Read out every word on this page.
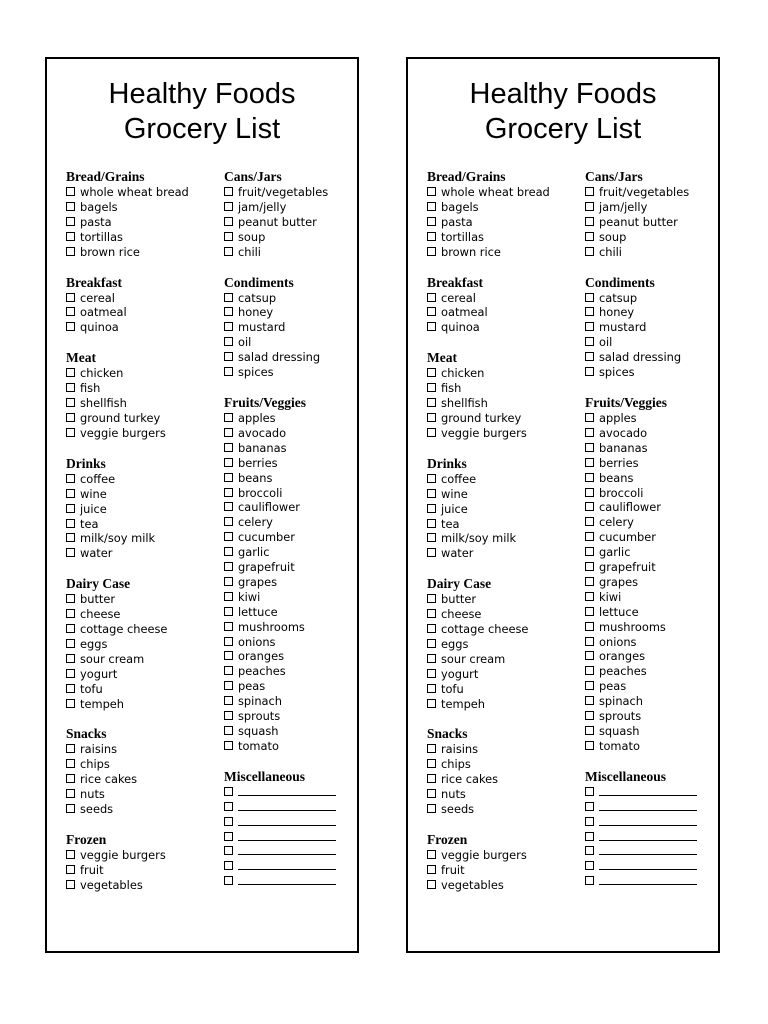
Healthy Foods
Grocery List
Bread/Grains
whole wheat bread
bagels
pasta
tortillas
brown rice
Breakfast
cereal
oatmeal
quinoa
Meat
chicken
fish
shellfish
ground turkey
veggie burgers
Drinks
coffee
wine
juice
tea
milk/soy milk
water
Dairy Case
butter
cheese
cottage cheese
eggs
sour cream
yogurt
tofu
tempeh
Snacks
raisins
chips
rice cakes
nuts
seeds
Frozen
veggie burgers
fruit
vegetables
Cans/Jars
fruit/vegetables
jam/jelly
peanut butter
soup
chili
Condiments
catsup
honey
mustard
oil
salad dressing
spices
Fruits/Veggies
apples
avocado
bananas
berries
beans
broccoli
cauliflower
celery
cucumber
garlic
grapefruit
grapes
kiwi
lettuce
mushrooms
onions
oranges
peaches
peas
spinach
sprouts
squash
tomato
Miscellaneous
Healthy Foods
Grocery List
Bread/Grains
whole wheat bread
bagels
pasta
tortillas
brown rice
Breakfast
cereal
oatmeal
quinoa
Meat
chicken
fish
shellfish
ground turkey
veggie burgers
Drinks
coffee
wine
juice
tea
milk/soy milk
water
Dairy Case
butter
cheese
cottage cheese
eggs
sour cream
yogurt
tofu
tempeh
Snacks
raisins
chips
rice cakes
nuts
seeds
Frozen
veggie burgers
fruit
vegetables
Cans/Jars
fruit/vegetables
jam/jelly
peanut butter
soup
chili
Condiments
catsup
honey
mustard
oil
salad dressing
spices
Fruits/Veggies
apples
avocado
bananas
berries
beans
broccoli
cauliflower
celery
cucumber
garlic
grapefruit
grapes
kiwi
lettuce
mushrooms
onions
oranges
peaches
peas
spinach
sprouts
squash
tomato
Miscellaneous
